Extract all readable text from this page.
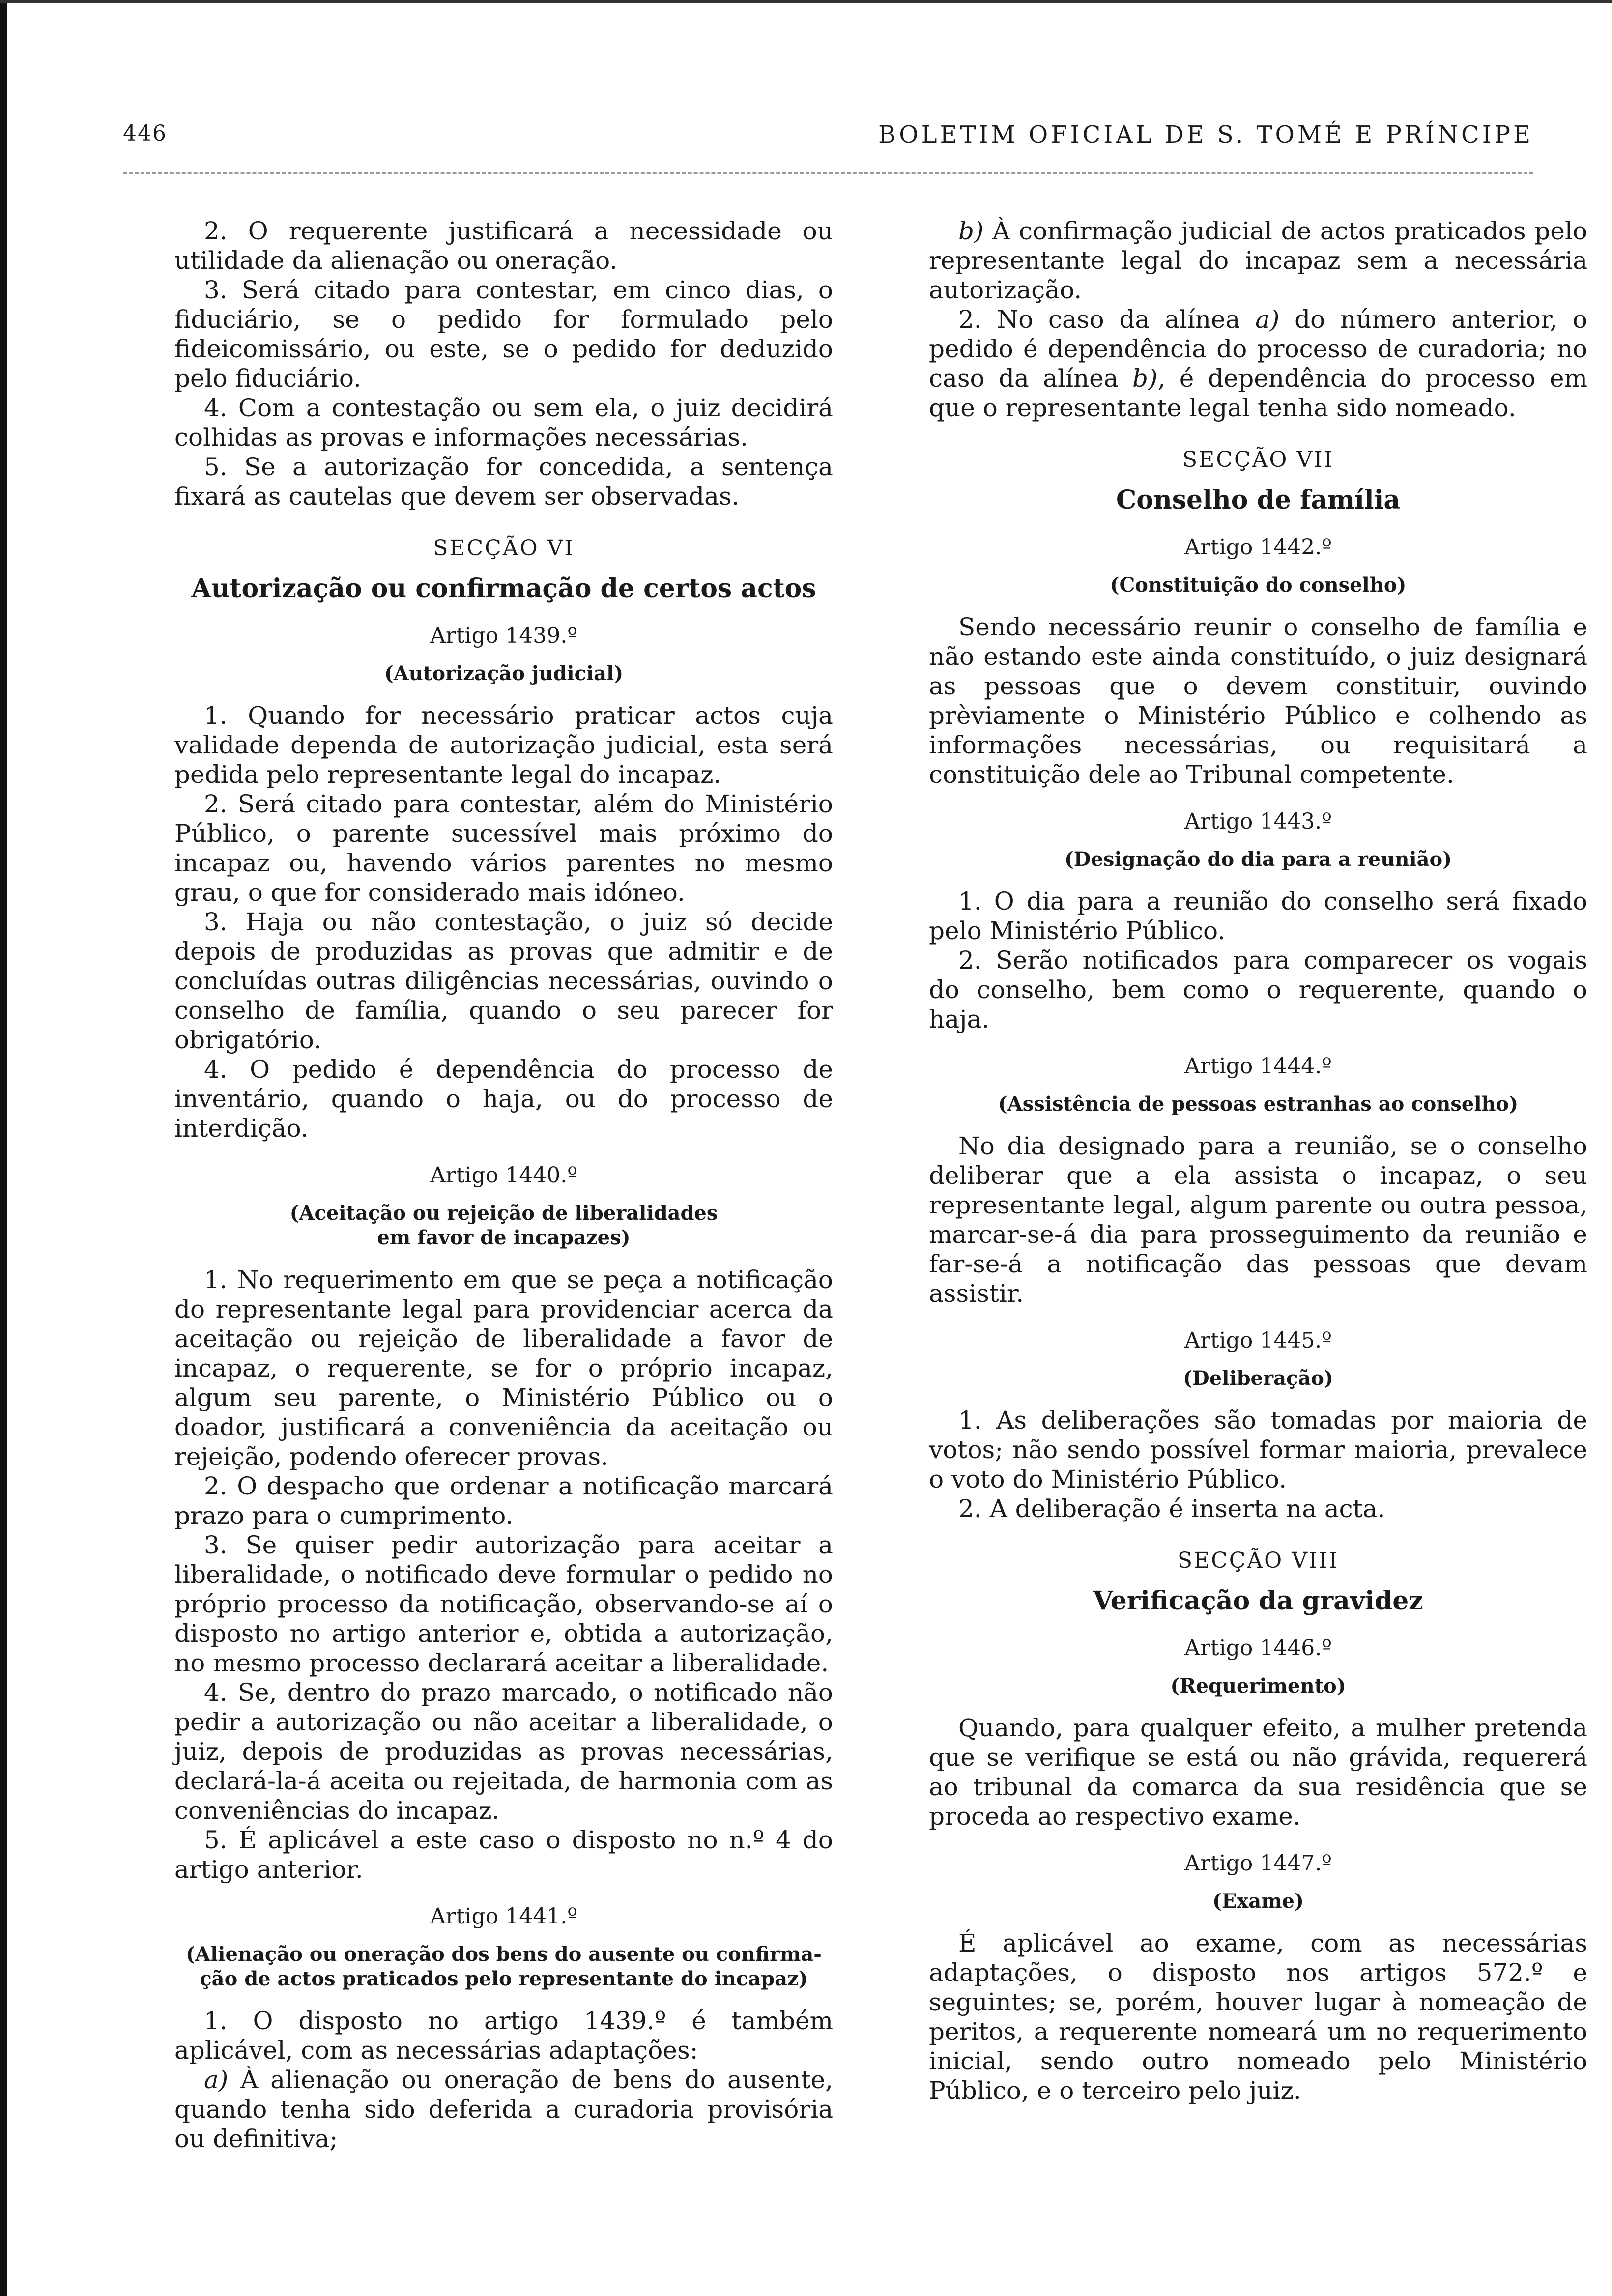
446	BOLETIM OFICIAL DE S. TOMÉ E PRÍNCIPE

2. O requerente justificará a necessidade ou utilidade da alienação ou oneração.

3. Será citado para contestar, em cinco dias, o fiduciário, se o pedido for formulado pelo fideicomissário, ou este, se o pedido for deduzido pelo fiduciário.

4. Com a contestação ou sem ela, o juiz decidirá colhidas as provas e informações necessárias.

5. Se a autorização for concedida, a sentença fixará as cautelas que devem ser observadas.

SECÇÃO VI
Autorização ou confirmação de certos actos
Artigo 1439.º
(Autorização judicial)

1. Quando for necessário praticar actos cuja validade dependa de autorização judicial, esta será pedida pelo representante legal do incapaz.

2. Será citado para contestar, além do Ministério Público, o parente sucessível mais próximo do incapaz ou, havendo vários parentes no mesmo grau, o que for considerado mais idóneo.

3. Haja ou não contestação, o juiz só decide depois de produzidas as provas que admitir e de concluídas outras diligências necessárias, ouvindo o conselho de família, quando o seu parecer for obrigatório.

4. O pedido é dependência do processo de inventário, quando o haja, ou do processo de interdição.

Artigo 1440.º
(Aceitação ou rejeição de liberalidades
em favor de incapazes)

1. No requerimento em que se peça a notificação do representante legal para providenciar acerca da aceitação ou rejeição de liberalidade a favor de incapaz, o requerente, se for o próprio incapaz, algum seu parente, o Ministério Público ou o doador, justificará a conveniência da aceitação ou rejeição, podendo oferecer provas.

2. O despacho que ordenar a notificação marcará prazo para o cumprimento.

3. Se quiser pedir autorização para aceitar a liberalidade, o notificado deve formular o pedido no próprio processo da notificação, observando-se aí o disposto no artigo anterior e, obtida a autorização, no mesmo processo declarará aceitar a liberalidade.

4. Se, dentro do prazo marcado, o notificado não pedir a autorização ou não aceitar a liberalidade, o juiz, depois de produzidas as provas necessárias, declará-la-á aceita ou rejeitada, de harmonia com as conveniências do incapaz.

5. É aplicável a este caso o disposto no n.º 4 do artigo anterior.

Artigo 1441.º
(Alienação ou oneração dos bens do ausente ou confirma-
ção de actos praticados pelo representante do incapaz)

1. O disposto no artigo 1439.º é também aplicável, com as necessárias adaptações:

a) À alienação ou oneração de bens do ausente, quando tenha sido deferida a curadoria provisória ou definitiva;

b) À confirmação judicial de actos praticados pelo representante legal do incapaz sem a necessária autorização.

2. No caso da alínea a) do número anterior, o pedido é dependência do processo de curadoria; no caso da alínea b), é dependência do processo em que o representante legal tenha sido nomeado.

SECÇÃO VII
Conselho de família
Artigo 1442.º
(Constituição do conselho)

Sendo necessário reunir o conselho de família e não estando este ainda constituído, o juiz designará as pessoas que o devem constituir, ouvindo prèviamente o Ministério Público e colhendo as informações necessárias, ou requisitará a constituição dele ao Tribunal competente.

Artigo 1443.º
(Designação do dia para a reunião)

1. O dia para a reunião do conselho será fixado pelo Ministério Público.

2. Serão notificados para comparecer os vogais do conselho, bem como o requerente, quando o haja.

Artigo 1444.º
(Assistência de pessoas estranhas ao conselho)

No dia designado para a reunião, se o conselho deliberar que a ela assista o incapaz, o seu representante legal, algum parente ou outra pessoa, marcar-se-á dia para prosseguimento da reunião e far-se-á a notificação das pessoas que devam assistir.

Artigo 1445.º
(Deliberação)

1. As deliberações são tomadas por maioria de votos; não sendo possível formar maioria, prevalece o voto do Ministério Público.

2. A deliberação é inserta na acta.

SECÇÃO VIII
Verificação da gravidez
Artigo 1446.º
(Requerimento)

Quando, para qualquer efeito, a mulher pretenda que se verifique se está ou não grávida, requererá ao tribunal da comarca da sua residência que se proceda ao respectivo exame.

Artigo 1447.º
(Exame)

É aplicável ao exame, com as necessárias adaptações, o disposto nos artigos 572.º e seguintes; se, porém, houver lugar à nomeação de peritos, a requerente nomeará um no requerimento inicial, sendo outro nomeado pelo Ministério Público, e o terceiro pelo juiz.
